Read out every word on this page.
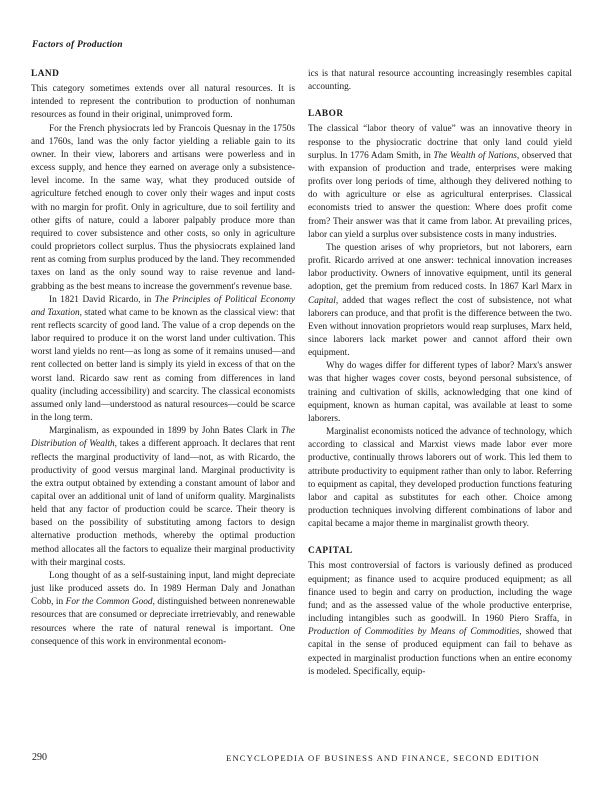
Factors of Production
LAND

This category sometimes extends over all natural resources. It is intended to represent the contribution to production of nonhuman resources as found in their original, unimproved form.

For the French physiocrats led by Francois Quesnay in the 1750s and 1760s, land was the only factor yielding a reliable gain to its owner. In their view, laborers and artisans were powerless and in excess supply, and hence they earned on average only a subsistence-level income. In the same way, what they produced outside of agriculture fetched enough to cover only their wages and input costs with no margin for profit. Only in agriculture, due to soil fertility and other gifts of nature, could a laborer palpably produce more than required to cover subsistence and other costs, so only in agriculture could proprietors collect surplus. Thus the physiocrats explained land rent as coming from surplus produced by the land. They recommended taxes on land as the only sound way to raise revenue and land-grabbing as the best means to increase the government's revenue base.

In 1821 David Ricardo, in The Principles of Political Economy and Taxation, stated what came to be known as the classical view: that rent reflects scarcity of good land. The value of a crop depends on the labor required to produce it on the worst land under cultivation. This worst land yields no rent—as long as some of it remains unused—and rent collected on better land is simply its yield in excess of that on the worst land. Ricardo saw rent as coming from differences in land quality (including accessibility) and scarcity. The classical economists assumed only land—understood as natural resources—could be scarce in the long term.

Marginalism, as expounded in 1899 by John Bates Clark in The Distribution of Wealth, takes a different approach. It declares that rent reflects the marginal productivity of land—not, as with Ricardo, the productivity of good versus marginal land. Marginal productivity is the extra output obtained by extending a constant amount of labor and capital over an additional unit of land of uniform quality. Marginalists held that any factor of production could be scarce. Their theory is based on the possibility of substituting among factors to design alternative production methods, whereby the optimal production method allocates all the factors to equalize their marginal productivity with their marginal costs.

Long thought of as a self-sustaining input, land might depreciate just like produced assets do. In 1989 Herman Daly and Jonathan Cobb, in For the Common Good, distinguished between nonrenewable resources that are consumed or depreciate irretrievably, and renewable resources where the rate of natural renewal is important. One consequence of this work in environmental econom-

ics is that natural resource accounting increasingly resembles capital accounting.

LABOR

The classical “labor theory of value” was an innovative theory in response to the physiocratic doctrine that only land could yield surplus. In 1776 Adam Smith, in The Wealth of Nations, observed that with expansion of production and trade, enterprises were making profits over long periods of time, although they delivered nothing to do with agriculture or else as agricultural enterprises. Classical economists tried to answer the question: Where does profit come from? Their answer was that it came from labor. At prevailing prices, labor can yield a surplus over subsistence costs in many industries.

The question arises of why proprietors, but not laborers, earn profit. Ricardo arrived at one answer: technical innovation increases labor productivity. Owners of innovative equipment, until its general adoption, get the premium from reduced costs. In 1867 Karl Marx in Capital, added that wages reflect the cost of subsistence, not what laborers can produce, and that profit is the difference between the two. Even without innovation proprietors would reap surpluses, Marx held, since laborers lack market power and cannot afford their own equipment.

Why do wages differ for different types of labor? Marx's answer was that higher wages cover costs, beyond personal subsistence, of training and cultivation of skills, acknowledging that one kind of equipment, known as human capital, was available at least to some laborers.

Marginalist economists noticed the advance of technology, which according to classical and Marxist views made labor ever more productive, continually throws laborers out of work. This led them to attribute productivity to equipment rather than only to labor. Referring to equipment as capital, they developed production functions featuring labor and capital as substitutes for each other. Choice among production techniques involving different combinations of labor and capital became a major theme in marginalist growth theory.

CAPITAL

This most controversial of factors is variously defined as produced equipment; as finance used to acquire produced equipment; as all finance used to begin and carry on production, including the wage fund; and as the assessed value of the whole productive enterprise, including intangibles such as goodwill. In 1960 Piero Sraffa, in Production of Commodities by Means of Commodities, showed that capital in the sense of produced equipment can fail to behave as expected in marginalist production functions when an entire economy is modeled. Specifically, equip-

290	ENCYCLOPEDIA OF BUSINESS AND FINANCE, SECOND EDITION
